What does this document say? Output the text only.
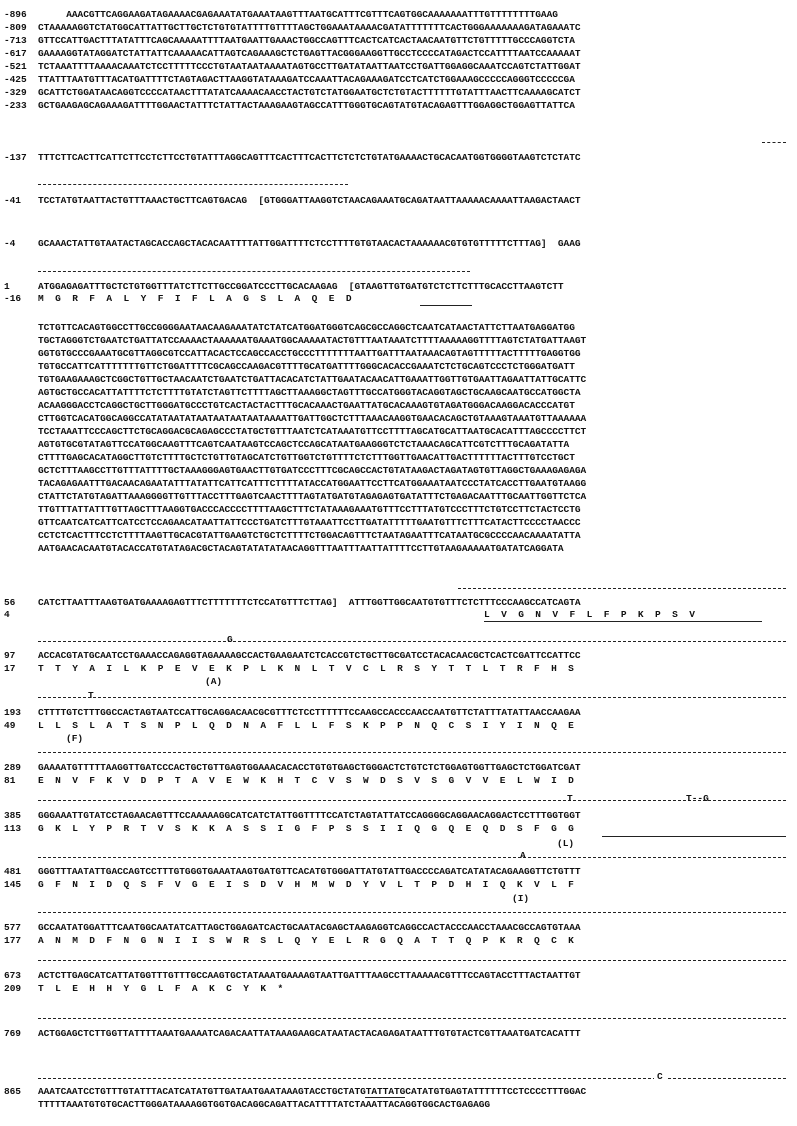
-896     AAACGTTCAGGAAGATAGAAAACGAGAAATATGAAATAAGTTTAATGCATTTCGTTTCAGTGGCAAAAAAATTTGTTTTTTTTGAAG
-809 CTAAAAAGGTCTATGGCATTATTGCTTGCTCTGTGTATTTTGTTTTAGCTGGAAATAAAACGATATTTTTTTCACTGGGAAAAAAAGATAGAAATC
-713 GTTCCATTGACTTTATATTTCAGCAAAAATTTTAATGAATTGAAACTGGCCAGTTTCACTCATCACTAACAATGTTCTGTTTTTGCCCAGGTCTA
-617 GAAAAGGTATAGGATCTATTATTCAAAAACATTAGTCAGAAAGCTCTGAGTTACGGGAAGGTTGCCTCCCCATAGACTCCATTTTAATCCAAAAAT
-521 TCTAAATTTTAAAACAAATCTCCTTTTTCCCTGTAATAATAAAATAGTGCCTTGATATAATTAATCCTGATTGGAGGCAAATCCAGTCTATTGGAT
-425 TTATTTAATGTTTACATGATTTTCTAGTAGACTTAAGGTATAAAGATCCAAATTACAGAAAGATCCTCATCTGGAAAGCCCCCAGGGTCCCCCGA
-329 GCATTCTGGATAACAGGTCCCCATAACTTTATATCAAAACAACCTACTGTCTATGGAATGCTCTGTACTTTTTTGTATTTAACTTCAAAAGCATCT
-233 GCTGAAGAGCAGAAAGATTTTGGAACTATTTCTATTACTAAAGAAGTAGCCATTTGGGTGCAGTATGTACAGAGTTTGGAGGCTGGAGTTATTCA
-137 TTTCTTCACTTCATTCTTCCTCTTCCTGTATTTAGGCAGTTTCACTTTCACTTCTCTCTGTATGAAAACTGCACAATGGTGGGGTAAGTCTCTATC
-41 TCCTATGTAATTACTGTTTAAACTGCTTCAGTGACAG  [GTGGGATTAAGGTCTAACAGAAATGCAGATAATTAAAAACAAAATTAAGACTAACT
-4 GCAAACTATTGTAATACTAGCACCAGCTACACAATTTTATTGGATTTTCTCCTTTTGTGTAACACTAAAAAACGTGTGTTTTTCTTTAG]  GAAG
1	ATGGAGAGATTTGCTCTGTGGTTTATCTTCTTGCCGGATCCCTTGCACAAGAG  [GTAAGTTGTGATGTCTCTTCTTTGCACCTTAAGTCTT
-16 M  G  R  F  A  L  Y  F  I  F  L  A  G  S  L  A  Q  E  D
TCTGTTCACAGTGGCCTTGCCGGGGAATAACAAGAAATATCTATCATGGATGGGTCAGCGCCAGGCTCAATCATAACTATTCTTAATGAGGATGG
TGCTAGGGTCTGAATCTGATTATCCAAAACTAAAAAATGAAATGGCAAAAATACTGTTTAATAAATCTTTTAAAAAGGTTTTAGTCTATGATTAAGT
GGTGTGCCCGAAATGCGTTAGGCGTCCATTACACTCCAGCCACCTGCCCTTTTTTTAATTGATTTAATAAACAGTAGTTTTTACTTTTTGAGGTGG
TGTGCCATTCATTTTTTTGTTCTGGATTTTCGCAGCCAAGACGTTTTGCATGATTTTGGGCACACCGAAATCTCTGCAGTCCCTCTGGGATGATT
TGTGAAGAAAGCTCGGCTGTTGCTAACAATCTGAATCTGATTACACATCTATTGAATACAACATTGAAATTGGTTGTGAATTAGAATTATTGCATTC
AGTGCTGCCACATTATTTTCTCTTTTGTATCTAGTTCTTTTAGCTTAAAGGCTAGTTTGCCATGGGTACAGGTAGCTGCAAGCAATGCCATGGCTA
ACAAGGGACCTCAGGCTGCTTGGGATGCCCTGTCACTACTACTTTGCACAAACTGAATTATGCACAAAGTGTAGATGGGACAAGGACACCCATGT
CTTGGTCACATGGCAGGCCATATAATATAATAATAATAATAAAATTGATTGGCTCTTTAAACAAGGTGAACACAGCTGTAAAGTAAATGTTAAAAAA
TCCTAAATTCCCAGCTTCTGCAGGACGCAGAGCCCTATGCTGTTTAATCTCATAAATGTTCCTTTTAGCATGCATTAATGCACATTTAGCCCCTTCT
AGTGTGCGTATAGTTCCATGGCAAGTTTCAGTCAATAAGTCCAGCTCCAGCATAATGAAGGGTCTCTAAACAGCATTCGTCTTTGCAGATATTA
CTTTTGAGCACATAGGCTTGTCTTTTGCTCTGTTGTAGCATCTGTTGGTCTGTTTTCTCTTTGGTTGAACATTGACTTTTTTACTTTGTCCTGCT
GCTCTTTAAGCCTTGTTTATTTTGCTAAAGGGAGTGAACTTGTGATCCCTTTCGCAGCCACTGTATAAGACTAGATAGTGTTAGGCTGAAAGAGAGA
TACAGAGAATTTGACAACAGAATATTTATATTCATTCATTTCTTTTATACCATGGAATTCCTTCATGGAAATAATCCCTATCACCTTGAATGTAAGG
CTATTCTATGTAGATTAAAGGGGTTGTTTACCTTTGAGTCAACTTTTAGTATGATGTAGAGAGTGATATTTCTGAGACAATTTGCAATTGGTTCTCA
TTGTTTATTATTTGTTAGCTTTAAGGTGACCCACCCCTTTTAAGCTTTCTATAAAGAAATGTTTCCTTTATGTCCCTTTCTGTCCTTCTACTCCTG
GTTCAATCATCATTCATCCTCCAGAACATAATTATTCCCTGATCTTTGTAAATTCCTTGATATTTTTGAATGTTTCTTTCATACTTCCCCTAACCC
CCTCTCACTTTCCTCTTTTAAGTTGCACGTATTGAAGTCTGCTCTTTTCTGGACAGTTTCTAATAGAATTTCATAATGCGCCCCAACAAAATATTA
AATGAACACAATGTACACCATGTATAGACGCTACAGTATATATAACAGGTTTAATTTAATTATTTTCCTTGTAAGAAAAATGATATCAGGATA
56 CATCTTAATTTAAGTGATGAAAAGAGTTTCTTTTTTTCTCCATGTTTCTTAG]  ATTTGGTTGGCAATGTGTTTCTCTTTCCCAAGCCATCAGTA
4	L  V  G  N  V  F  L  F  P  K  P  S  V
G
97 ACCACGTATGCAATCCTGAAACCAGAGGTAGAAAAGCCACTGAAGAATCTCACCGTCTGCTTGCGATCCTACACAACGCTCACTCGATTCCATTCC
17 T  T  Y  A  I  L  K  P  E  V  E  K  P  L  K  N  L  T  V  C  L  R  S  Y  T  T  L  T  R  F  H  S
(A)
T
193 CTTTTGTCTTTGGCCACTAGTAATCCATTGCAGGACAACGCGTTTCTCCTTTTTTCCAAGCCACCCAACCAATGTTCTATTTATATTAACCAAGAA
49 L  L  S  L  A  T  S  N  P  L  Q  D  N  A  F  L  L  F  S  K  P  P  N  Q  C  S  I  Y  I  N  Q  E
(F)
289 GAAAATGTTTTTAAGGTTGATCCCACTGCTGTTGAGTGGAAACACACCTGTGTGAGCTGGGACTCTGTCTCTGGAGTGGTTGAGCTCTGGATCGAT
81 E  N  V  F  K  V  D  P  T  A  V  E  W  K  H  T  C  V  S  W  D  S  V  S  G  V  V  E  L  W  I  D
T	T--G
385 GGGAAATTGTATCCTAGAACAGTTTCCAAAAAGGCATCATCTATTGGTTTTCCATCTAGTATTATCCAGGGGCAGGAACAGGACTCCTTTGGTGGT
113 G  K  L  Y  P  R  T  V  S  K  K  A  S  S  I  G  F  P  S  S  I  I  Q  G  Q  E  Q  D  S  F  G  G
(L)
A
481 GGGTTTAATATTGACCAGTCCTTTGTGGGTGAAATAAGTGATGTTCACATGTGGGATTATGTATTGACCCCAGATCATATACAGAAGGTTCTGTTT
145 G  F  N  I  D  Q  S  F  V  G  E  I  S  D  V  H  M  W  D  Y  V  L  T  P  D  H  I  Q  K  V  L  F
(I)
577 GCCAATATGGATTTCAATGGCAATATCATTAGCTGGAGATCACTGCAATACGAGCTAAGAGGTCAGGCCACTACCCAACCTAAACGCCAGTGTAAA
177 A  N  M  D  F  N  G  N  I  I  S  W  R  S  L  Q  Y  E  L  R  G  Q  A  T  T  Q  P  K  R  Q  C  K
673 ACTCTTGAGCATCATTATGGTTTGTTTGCCAAGTGCTATAAATGAAAAGTAATTGATTTAAGCCTTAAAAACGTTTCCAGTACCTTTACTAATTGT
209 T  L  E  H  H  Y  G  L  F  A  K  C  Y  K  *
769 ACTGGAGCTCTTGGTTATTTTAAATGAAAATCAGACAATTATAAAGAAGCATAATACTACAGAGATAATTTGTGTACTCGTTAAATGATCACATTT
C
865 AAATCAATCCTGTTTGTATTTACATCATATGTTGATAATGAATAAAGTACCTGCTATGTATTATGCATATGTGAGTATTTTTTCCTCCCCTTTGGAC
TTTTTAAATGTGTGCACTTGGGATAAAAGGTGGTGACAGGCAGATTACATTTTATCTAAATTACAGGTGGCACTGAGAGG
